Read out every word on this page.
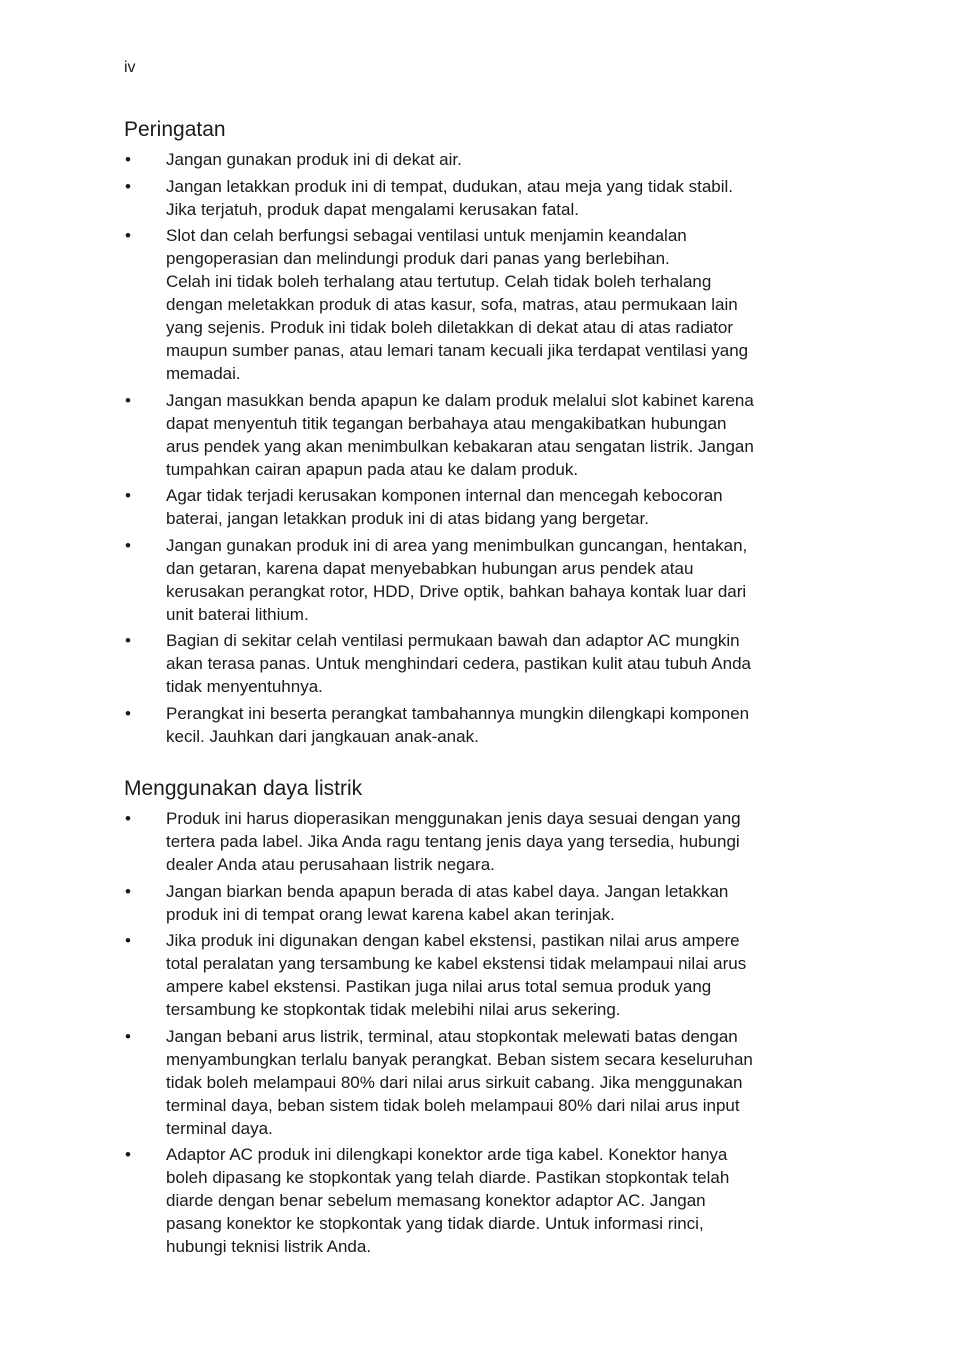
iv
Peringatan
• Jangan gunakan produk ini di dekat air.
• Jangan letakkan produk ini di tempat, dudukan, atau meja yang tidak stabil.
Jika terjatuh, produk dapat mengalami kerusakan fatal.
• Slot dan celah berfungsi sebagai ventilasi untuk menjamin keandalan
pengoperasian dan melindungi produk dari panas yang berlebihan.
Celah ini tidak boleh terhalang atau tertutup. Celah tidak boleh terhalang
dengan meletakkan produk di atas kasur, sofa, matras, atau permukaan lain
yang sejenis. Produk ini tidak boleh diletakkan di dekat atau di atas radiator
maupun sumber panas, atau lemari tanam kecuali jika terdapat ventilasi yang
memadai.
• Jangan masukkan benda apapun ke dalam produk melalui slot kabinet karena
dapat menyentuh titik tegangan berbahaya atau mengakibatkan hubungan
arus pendek yang akan menimbulkan kebakaran atau sengatan listrik. Jangan
tumpahkan cairan apapun pada atau ke dalam produk.
• Agar tidak terjadi kerusakan komponen internal dan mencegah kebocoran
baterai, jangan letakkan produk ini di atas bidang yang bergetar.
• Jangan gunakan produk ini di area yang menimbulkan guncangan, hentakan,
dan getaran, karena dapat menyebabkan hubungan arus pendek atau
kerusakan perangkat rotor, HDD, Drive optik, bahkan bahaya kontak luar dari
unit baterai lithium.
• Bagian di sekitar celah ventilasi permukaan bawah dan adaptor AC mungkin
akan terasa panas. Untuk menghindari cedera, pastikan kulit atau tubuh Anda
tidak menyentuhnya.
• Perangkat ini beserta perangkat tambahannya mungkin dilengkapi komponen
kecil. Jauhkan dari jangkauan anak-anak.
Menggunakan daya listrik
• Produk ini harus dioperasikan menggunakan jenis daya sesuai dengan yang
tertera pada label. Jika Anda ragu tentang jenis daya yang tersedia, hubungi
dealer Anda atau perusahaan listrik negara.
• Jangan biarkan benda apapun berada di atas kabel daya. Jangan letakkan
produk ini di tempat orang lewat karena kabel akan terinjak.
• Jika produk ini digunakan dengan kabel ekstensi, pastikan nilai arus ampere
total peralatan yang tersambung ke kabel ekstensi tidak melampaui nilai arus
ampere kabel ekstensi. Pastikan juga nilai arus total semua produk yang
tersambung ke stopkontak tidak melebihi nilai arus sekering.
• Jangan bebani arus listrik, terminal, atau stopkontak melewati batas dengan
menyambungkan terlalu banyak perangkat. Beban sistem secara keseluruhan
tidak boleh melampaui 80% dari nilai arus sirkuit cabang. Jika menggunakan
terminal daya, beban sistem tidak boleh melampaui 80% dari nilai arus input
terminal daya.
• Adaptor AC produk ini dilengkapi konektor arde tiga kabel. Konektor hanya
boleh dipasang ke stopkontak yang telah diarde. Pastikan stopkontak telah
diarde dengan benar sebelum memasang konektor adaptor AC. Jangan
pasang konektor ke stopkontak yang tidak diarde. Untuk informasi rinci,
hubungi teknisi listrik Anda.
